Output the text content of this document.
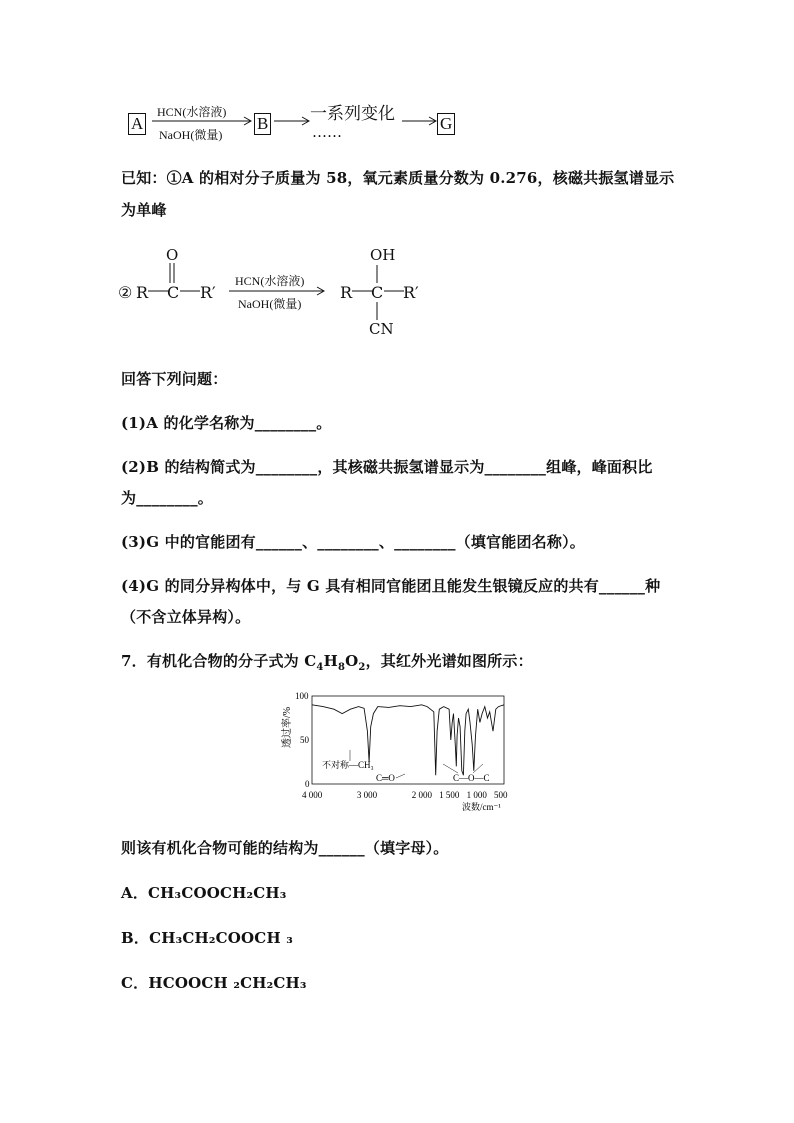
A
HCN(水溶液)
NaOH(微量)
B 一系列变化
……	G
已知：①A 的相对分子质量为 58，氧元素质量分数为 0.276，核磁共振氢谱显示
为单峰
②
O
R C R′
HCN(水溶液)
NaOH(微量)
OH
R C R′
CN
回答下列问题：
(1)A 的化学名称为________。
(2)B 的结构简式为________，其核磁共振氢谱显示为________组峰，峰面积比
为________。
(3)G 中的官能团有______、________、________（填官能团名称）。
(4)G 的同分异构体中，与 G 具有相同官能团且能发生银镜反应的共有______种
（不含立体异构）。
7．有机化合物的分子式为 $C_4H_8O_2$，其红外光谱如图所示：
透过率/%
波数/cm⁻¹
4 000	3 000	2 000 1 500 1 000 500
0
50
100
不对称—CH₃
C═O	C—O—C
则该有机化合物可能的结构为______（填字母）。
A．CH₃COOCH₂CH₃
B．CH₃CH₂COOCH ₃
C．HCOOCH ₂CH₂CH₃
